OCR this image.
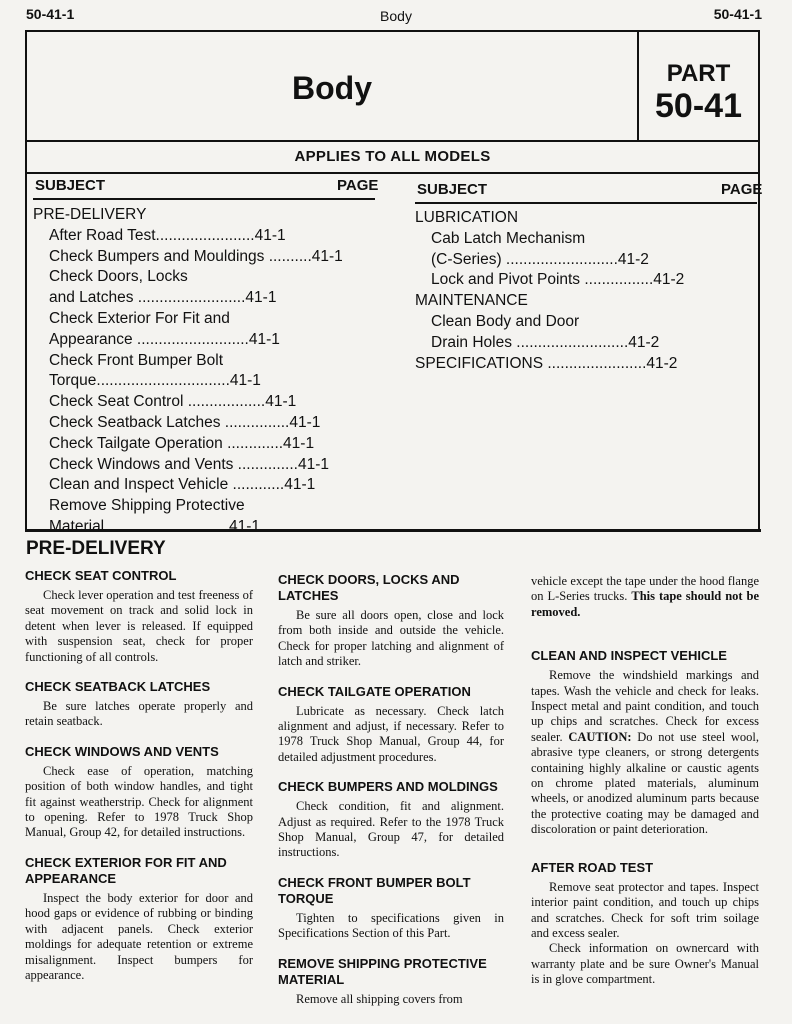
50-41-1	Body	50-41-1
Body	PART
50-41
APPLIES TO ALL MODELS
SUBJECT	PAGE	SUBJECT	PAGE
PRE-DELIVERY
After Road Test.......................41-1
Check Bumpers and Mouldings ..........41-1
Check Doors, Locks
and Latches .........................41-1
Check Exterior For Fit and
Appearance ..........................41-1
Check Front Bumper Bolt
Torque...............................41-1
Check Seat Control ..................41-1
Check Seatback Latches ...............41-1
Check Tailgate Operation .............41-1
Check Windows and Vents ..............41-1
Clean and Inspect Vehicle ............41-1
Remove Shipping Protective
Material ............................41-1
LUBRICATION
Cab Latch Mechanism
(C-Series) ..........................41-2
Lock and Pivot Points ................41-2
MAINTENANCE
Clean Body and Door
Drain Holes ..........................41-2
SPECIFICATIONS .......................41-2
PRE-DELIVERY
CHECK SEAT CONTROL

Check lever operation and test freeness of seat movement on track and solid lock in detent when lever is released. If equipped with suspension seat, check for proper functioning of all controls.

CHECK SEATBACK LATCHES

Be sure latches operate properly and retain seatback.

CHECK WINDOWS AND VENTS

Check ease of operation, matching position of both window handles, and tight fit against weatherstrip. Check for alignment to opening. Refer to 1978 Truck Shop Manual, Group 42, for detailed instructions.

CHECK EXTERIOR FOR FIT AND APPEARANCE

Inspect the body exterior for door and hood gaps or evidence of rubbing or binding with adjacent panels. Check exterior moldings for adequate retention or extreme misalignment. Inspect bumpers for appearance.

CHECK DOORS, LOCKS AND LATCHES

Be sure all doors open, close and lock from both inside and outside the vehicle. Check for proper latching and alignment of latch and striker.

CHECK TAILGATE OPERATION

Lubricate as necessary. Check latch alignment and adjust, if necessary. Refer to 1978 Truck Shop Manual, Group 44, for detailed adjustment procedures.

CHECK BUMPERS AND MOLDINGS

Check condition, fit and alignment. Adjust as required. Refer to the 1978 Truck Shop Manual, Group 47, for detailed instructions.

CHECK FRONT BUMPER BOLT TORQUE

Tighten to specifications given in Specifications Section of this Part.

REMOVE SHIPPING PROTECTIVE MATERIAL

Remove all shipping covers from

vehicle except the tape under the hood flange on L-Series trucks. This tape should not be removed.
CLEAN AND INSPECT VEHICLE

Remove the windshield markings and tapes. Wash the vehicle and check for leaks. Inspect metal and paint condition, and touch up chips and scratches. Check for excess sealer. CAUTION: Do not use steel wool, abrasive type cleaners, or strong detergents containing highly alkaline or caustic agents on chrome plated materials, aluminum wheels, or anodized aluminum parts because the protective coating may be damaged and discoloration or paint deterioration.

AFTER ROAD TEST

Remove seat protector and tapes. Inspect interior paint condition, and touch up chips and scratches. Check for soft trim soilage and excess sealer.

Check information on ownercard with warranty plate and be sure Owner's Manual is in glove compartment.
